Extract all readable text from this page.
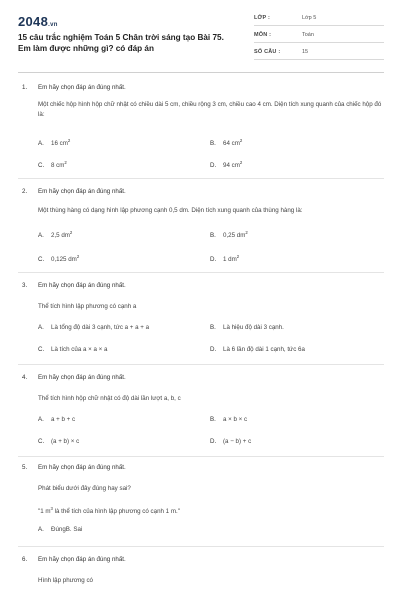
2048.vn
15 câu trắc nghiệm Toán 5 Chân trời sáng tạo Bài 75. Em làm được những gì? có đáp án
LỚP :	Lớp 5
MÔN :	Toán
SỐ CÂU :	15
1. Em hãy chọn đáp án đúng nhất.
Một chiếc hộp hình hộp chữ nhật có chiều dài 5 cm, chiều rộng 3 cm, chiều cao 4 cm. Diện tích xung quanh của chiếc hộp đó là:
A. 16 $cm^2$	B. 64 $cm^2$
C. 8 $cm^2$	D. 94 $cm^2$
2. Em hãy chọn đáp án đúng nhất.
Một thùng hàng có dạng hình lập phương cạnh 0,5 dm. Diện tích xung quanh của thùng hàng là:
A. 2,5 $dm^2$	B. 0,25 $dm^2$
C. 0,125 $dm^2$	D. 1 $dm^2$
3. Em hãy chọn đáp án đúng nhất.
Thể tích hình lập phương có cạnh a
A. Là tổng độ dài 3 cạnh, tức a + a + a	B. Là hiệu độ dài 3 cạnh.
C. Là tích của a × a × a	D. Là 6 lần độ dài 1 cạnh, tức 6a
4. Em hãy chọn đáp án đúng nhất.
Thể tích hình hộp chữ nhật có độ dài lần lượt a, b, c
A. a + b + c	B. a × b × c
C. (a + b) × c	D. (a − b) + c
5. Em hãy chọn đáp án đúng nhất.
Phát biểu dưới đây đúng hay sai?
"1 $m^3$ là thể tích của hình lập phương có cạnh 1 m."
A. ĐúngB. Sai
6. Em hãy chọn đáp án đúng nhất.
Hình lập phương có
